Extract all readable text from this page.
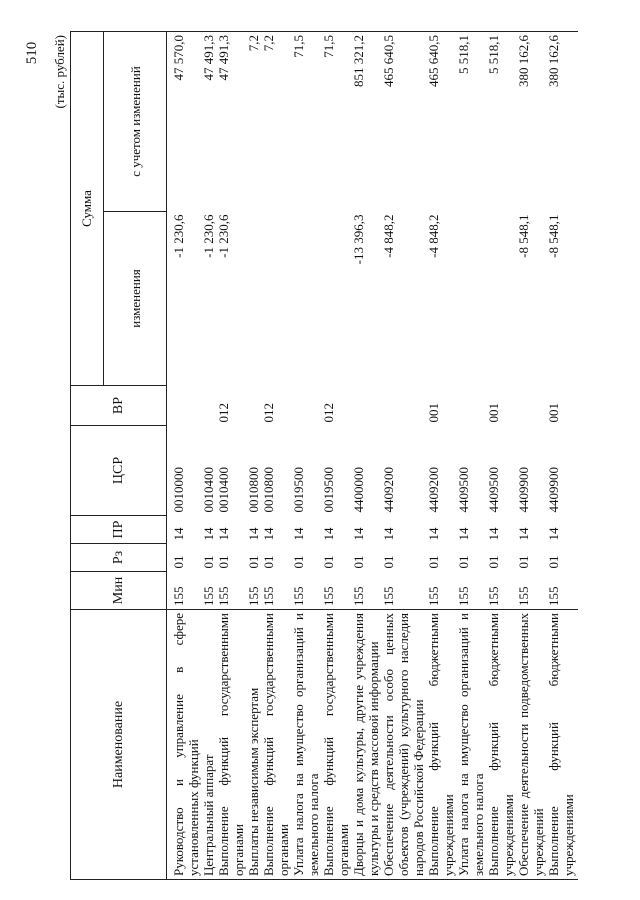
510 (тыс. рублей)
Наименование	Мин	Рз	ПР	ЦСР	ВР	Сумма	
						изменения	с учетом изменений
Руководство и управление в сфере установленных функций	155	01	14	0010000		-1 230,6	47 570,0
Центральный аппарат	155	01	14	0010400		-1 230,6	47 491,3
Выполнение функций государственными органами	155	01	14	0010400	012	-1 230,6	47 491,3
Выплаты независимым экспертам	155	01	14	0010800			7,2
Выполнение функций государственными органами	155	01	14	0010800	012		7,2
Уплата налога на имущество организаций и земельного налога	155	01	14	0019500			71,5
Выполнение функций государственными органами	155	01	14	0019500	012		71,5
Дворцы и дома культуры, другие учреждения культуры и средств массовой информации	155	01	14	4400000		-13 396,3	851 321,2
Обеспечение деятельности особо ценных объектов (учреждений) культурного наследия народов Российской Федерации	155	01	14	4409200		-4 848,2	465 640,5
Выполнение функций бюджетными учреждениями	155	01	14	4409200	001	-4 848,2	465 640,5
Уплата налога на имущество организаций и земельного налога	155	01	14	4409500			5 518,1
Выполнение функций бюджетными учреждениями	155	01	14	4409500	001		5 518,1
Обеспечение деятельности подведомственных учреждений	155	01	14	4409900		-8 548,1	380 162,6
Выполнение функций бюджетными учреждениями	155	01	14	4409900	001	-8 548,1	380 162,6
